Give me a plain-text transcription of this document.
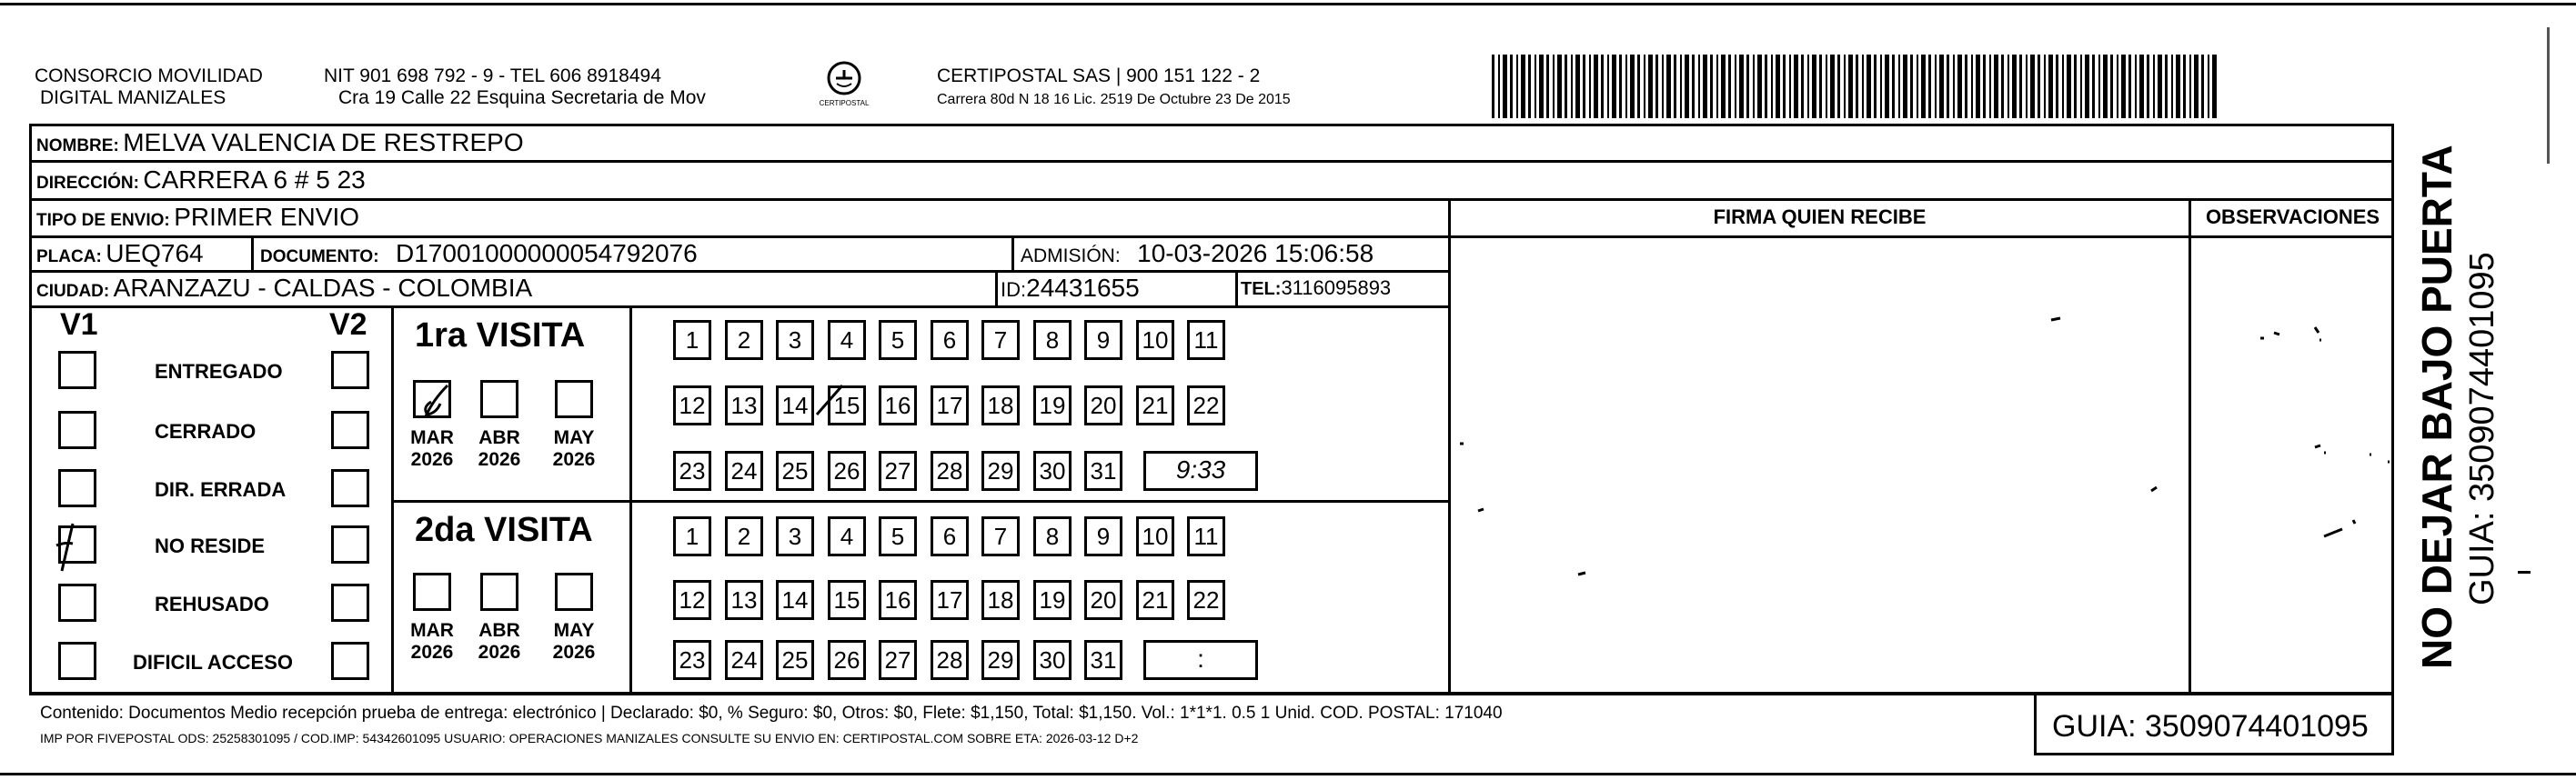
CONSORCIO MOVILIDAD
DIGITAL MANIZALES
NIT 901 698 792 - 9 - TEL 606 8918494
Cra 19 Calle 22 Esquina Secretaria de Mov	CERTIPOSTAL
CERTIPOSTAL SAS | 900 151 122 - 2
Carrera 80d N 18 16 Lic. 2519 De Octubre 23 De 2015
NOMBRE: MELVA VALENCIA DE RESTREPO
DIRECCIÓN: CARRERA 6 # 5 23
TIPO DE ENVIO: PRIMER ENVIO	FIRMA QUIEN RECIBE	OBSERVACIONES
PLACA: UEQ764	DOCUMENTO: D17001000000054792076	ADMISIÓN: 10-03-2026 15:06:58
CIUDAD: ARANZAZU - CALDAS - COLOMBIA	ID:24431655	TEL:3116095893
V1	V2
ENTREGADO
CERRADO
DIR. ERRADA
NO RESIDE
REHUSADO
DIFICIL ACCESO
1ra VISITA
2da VISITA
MAR
2026
ABR
2026
MAY
2026
MAR
2026
ABR
2026
MAY
2026
1	2	3	4	5	6	7	8	9	10 11
12 13 14 15 16 17 18 19 20 21 22
23 24 25 26 27 28 29 30 31	9:33
1	2	3	4	5	6	7	8	9	10 11
12 13 14 15 16 17 18 19 20 21 22
23 24 25 26 27 28 29 30 31	:
Contenido: Documentos Medio recepción prueba de entrega: electrónico | Declarado: $0, % Seguro: $0, Otros: $0, Flete: $1,150, Total: $1,150. Vol.: 1*1*1. 0.5 1 Unid. COD. POSTAL: 171040
IMP POR FIVEPOSTAL ODS: 25258301095 / COD.IMP: 54342601095 USUARIO: OPERACIONES MANIZALES CONSULTE SU ENVIO EN: CERTIPOSTAL.COM SOBRE ETA: 2026-03-12 D+2	GUIA: 3509074401095
NO DEJAR BAJO PUERTA GUIA: 3509074401095
